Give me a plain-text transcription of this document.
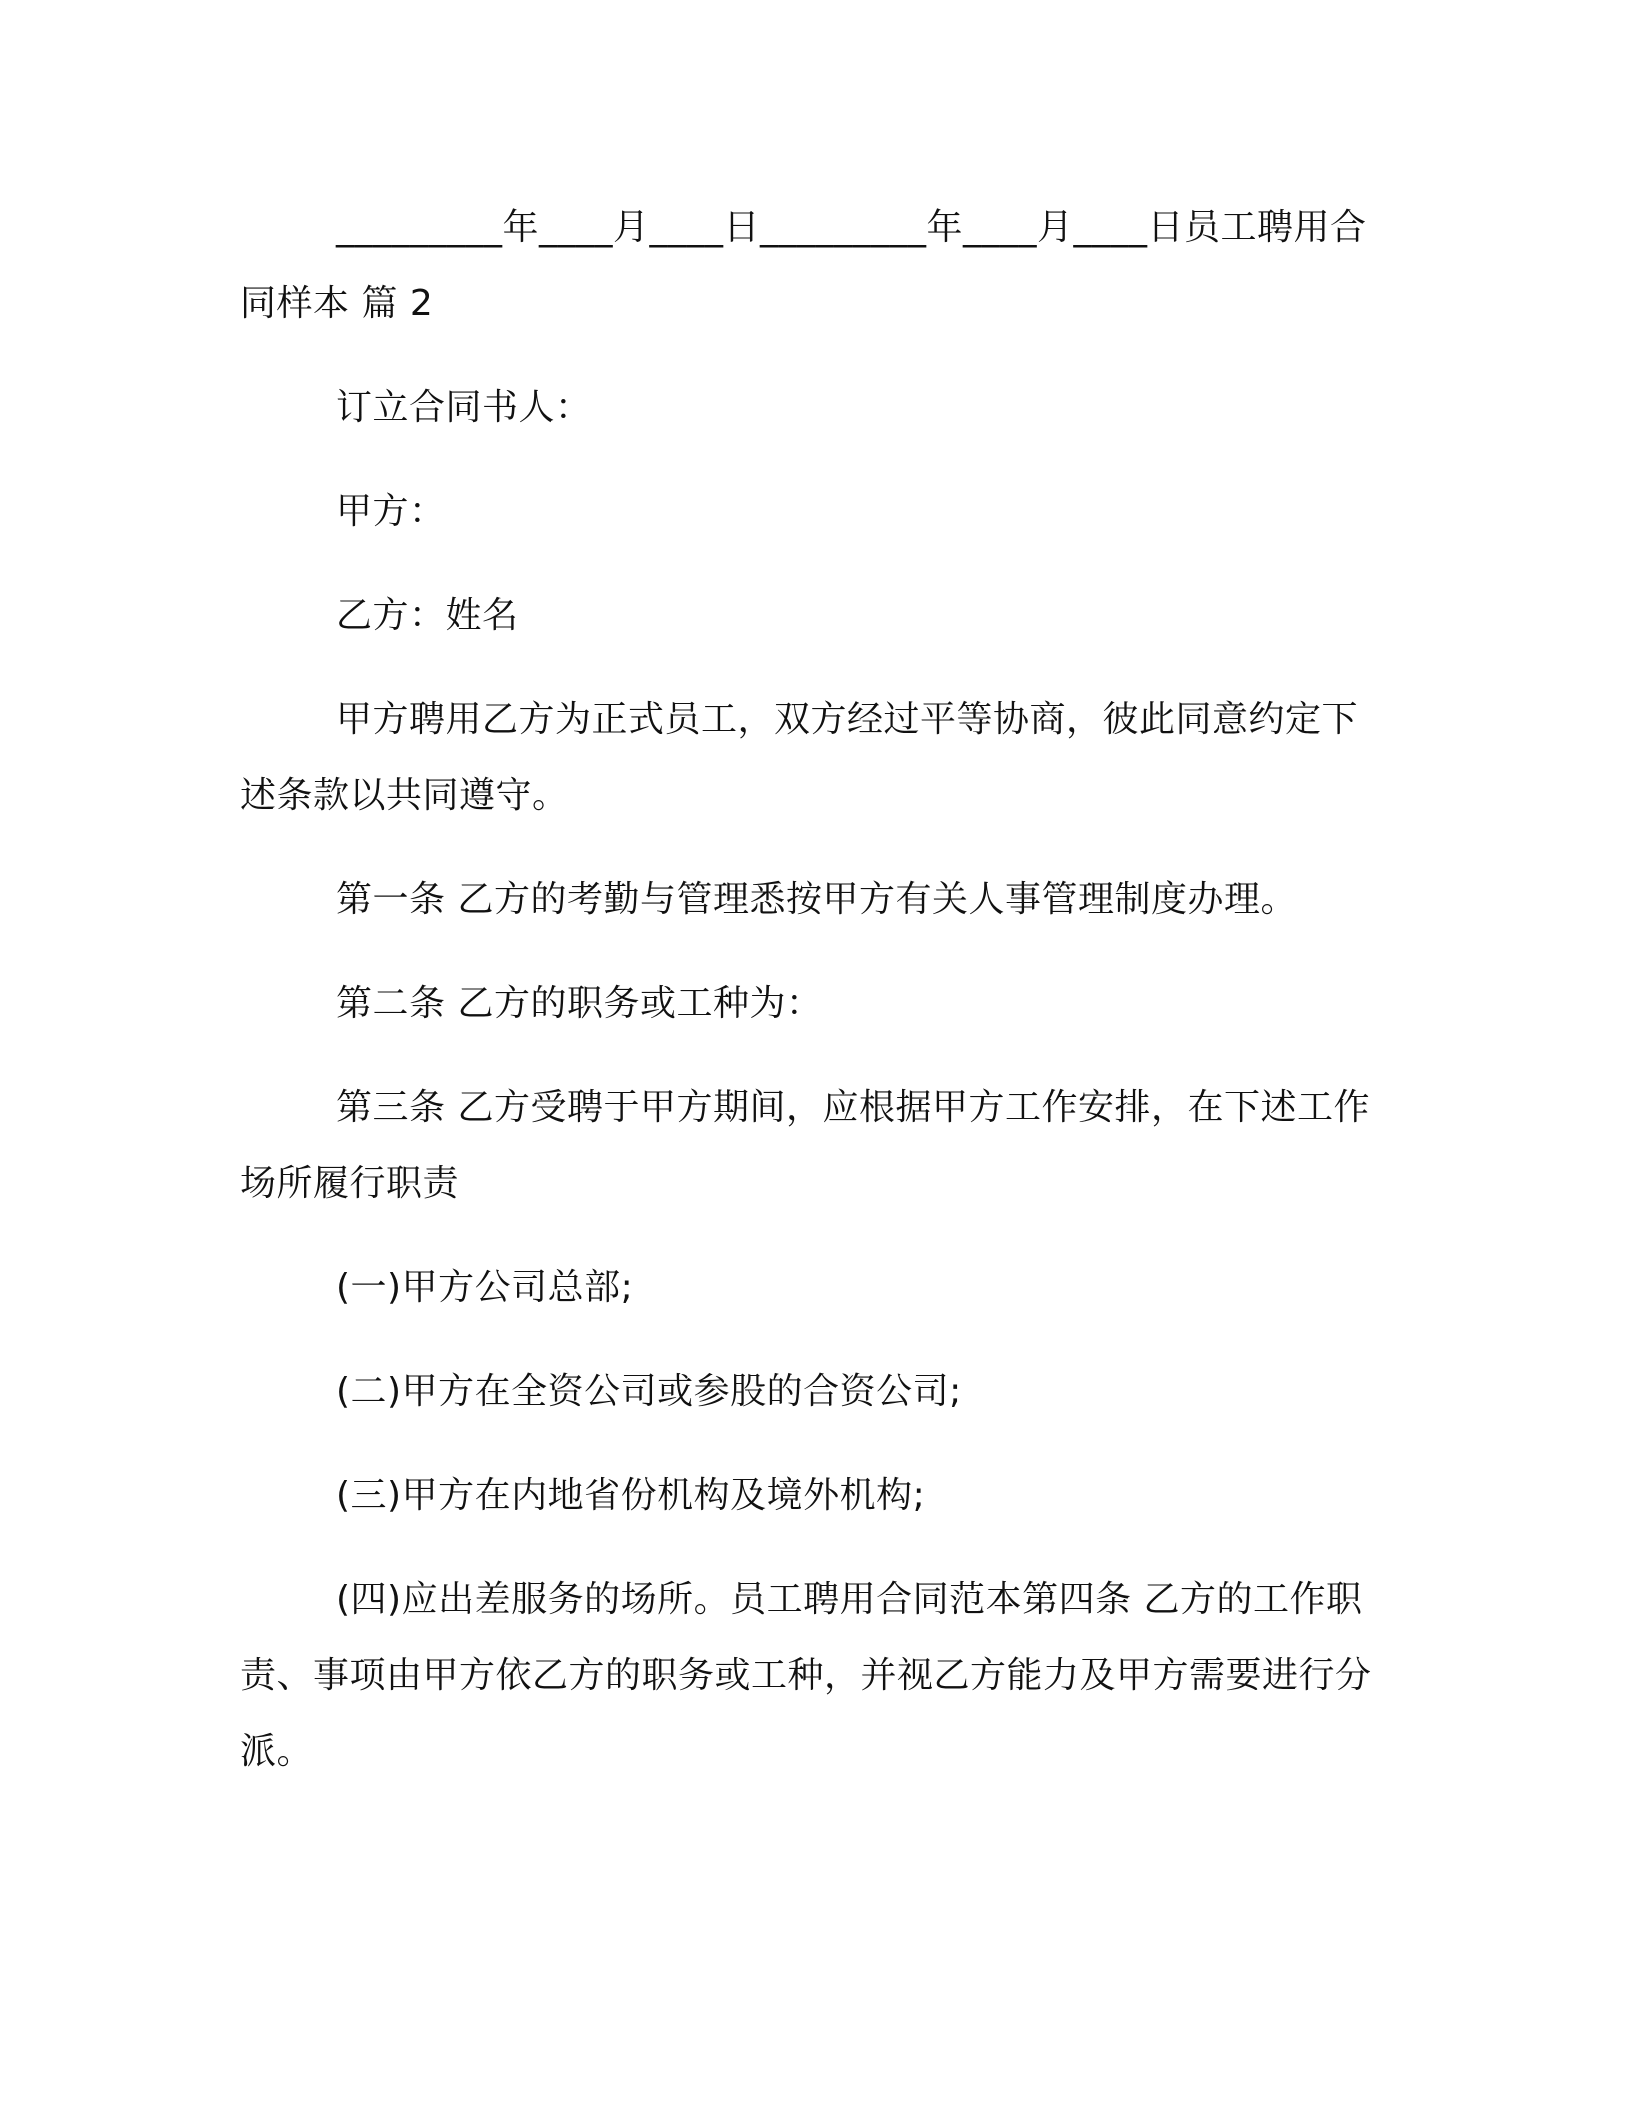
_________年____月____日_________年____月____日员工聘用合同样本 篇 2

订立合同书人：

甲方：

乙方：姓名

甲方聘用乙方为正式员工，双方经过平等协商，彼此同意约定下述条款以共同遵守。

第一条 乙方的考勤与管理悉按甲方有关人事管理制度办理。

第二条 乙方的职务或工种为：

第三条 乙方受聘于甲方期间，应根据甲方工作安排，在下述工作场所履行职责

(一)甲方公司总部;

(二)甲方在全资公司或参股的合资公司;

(三)甲方在内地省份机构及境外机构;

(四)应出差服务的场所。员工聘用合同范本第四条 乙方的工作职责、事项由甲方依乙方的职务或工种，并视乙方能力及甲方需要进行分派。
